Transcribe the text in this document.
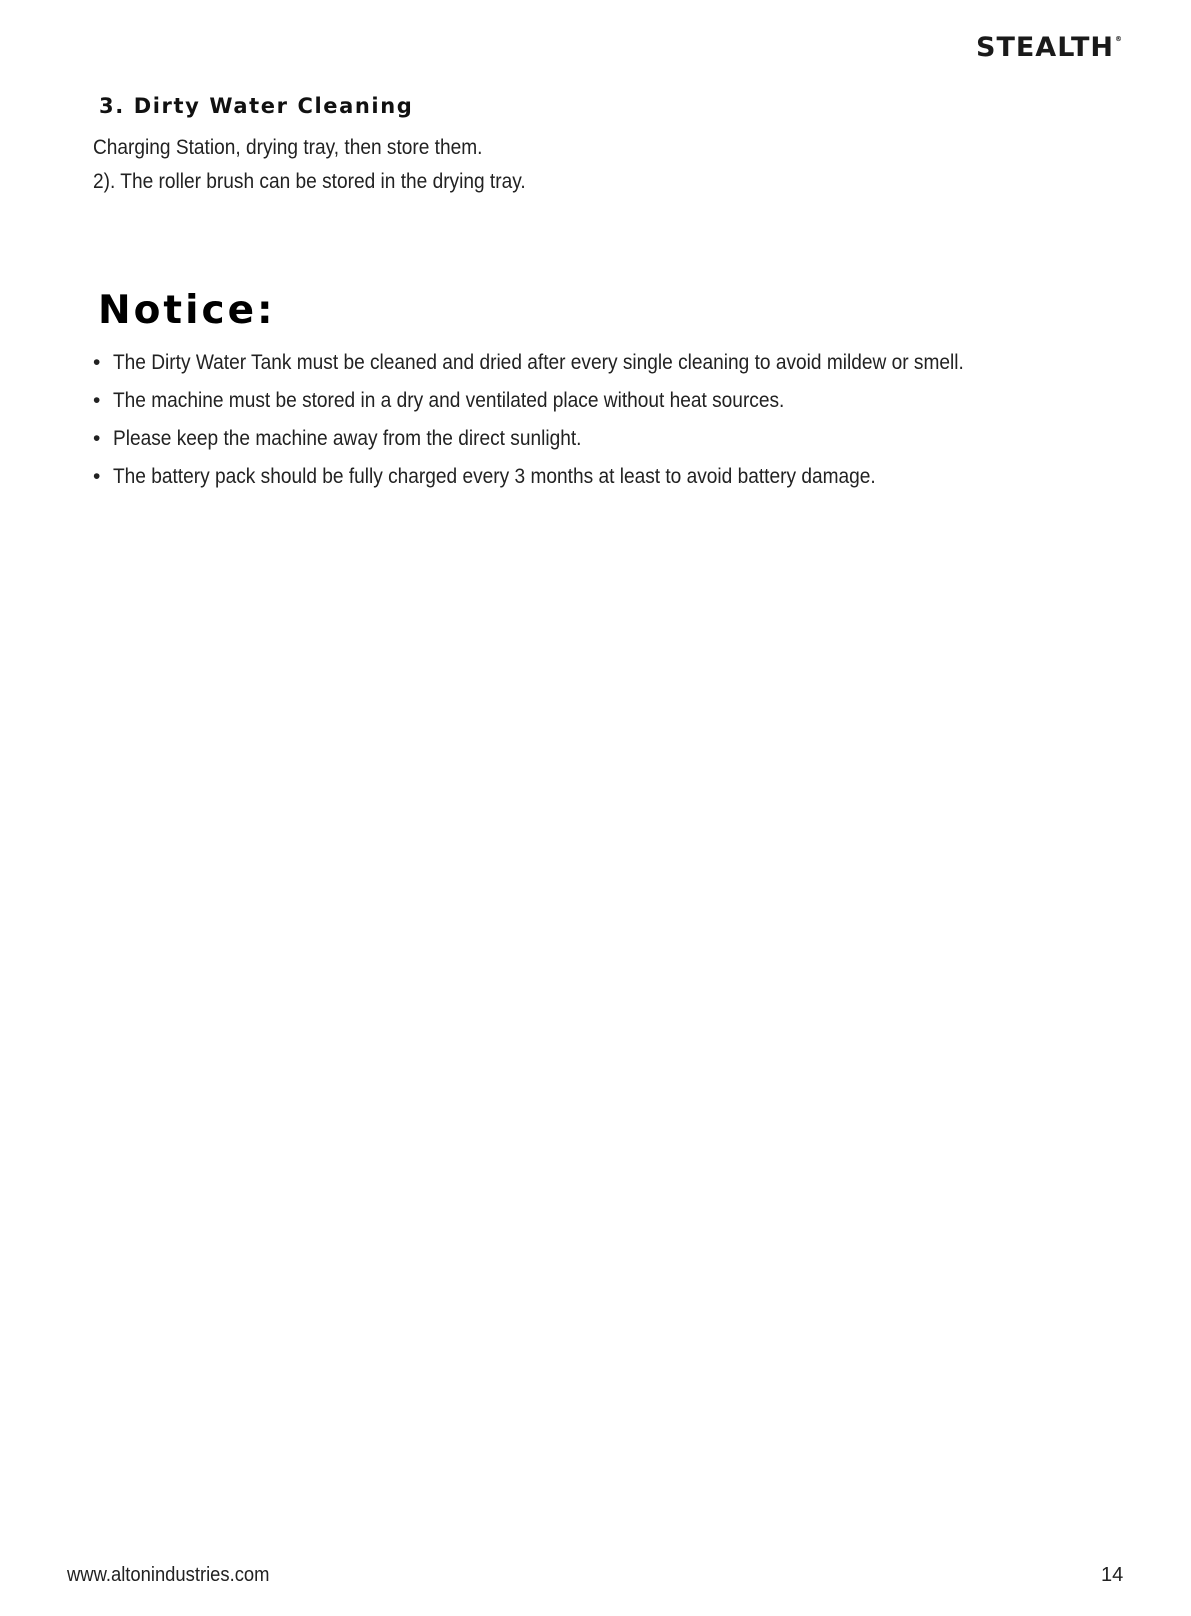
STEALTH®
3. Dirty Water Cleaning
Charging Station, drying tray, then store them.
2). The roller brush can be stored in the drying tray.
Notice:
• The Dirty Water Tank must be cleaned and dried after every single cleaning to avoid mildew or smell.
• The machine must be stored in a dry and ventilated place without heat sources.
• Please keep the machine away from the direct sunlight.
• The battery pack should be fully charged every 3 months at least to avoid battery damage.
www.altonindustries.com	14
